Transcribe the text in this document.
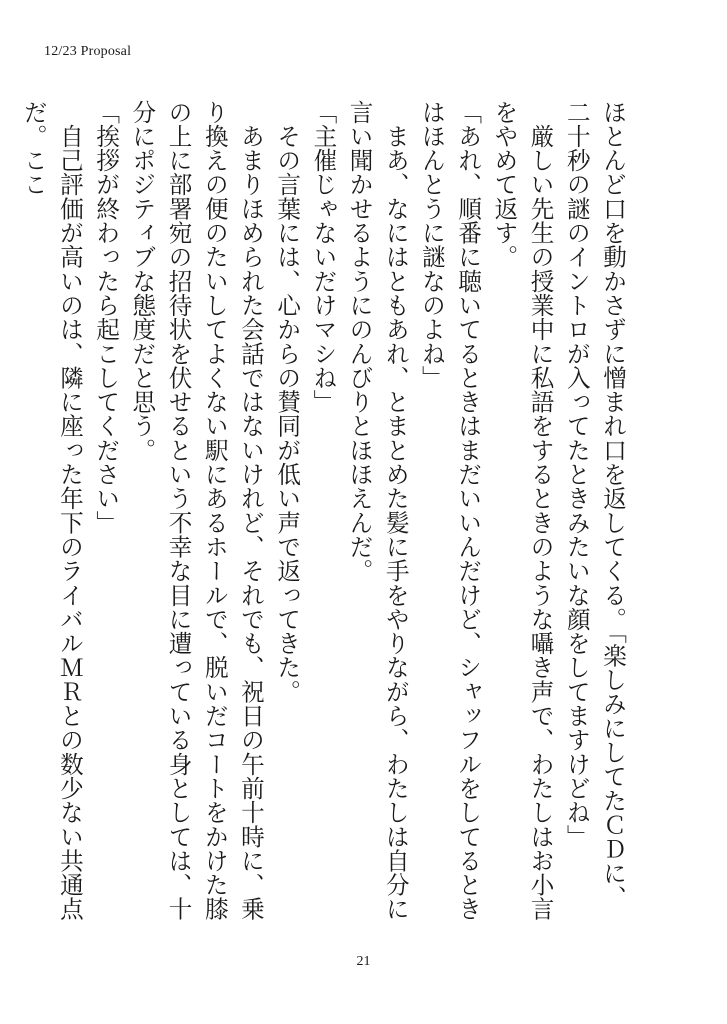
12/23 Proposal

ほとんど口を動かさずに憎まれ口を返してくる。「楽しみにしてたＣＤに、二十秒の謎のイントロが入ってたときみたいな顔をしてますけどね」

　厳しい先生の授業中に私語をするときのような囁き声で、わたしはお小言をやめて返す。

「あれ、順番に聴いてるときはまだいいんだけど、シャッフルをしてるときはほんとうに謎なのよね」

　まあ、なにはともあれ、とまとめた髪に手をやりながら、わたしは自分に言い聞かせるようにのんびりとほほえんだ。

「主催じゃないだけマシね」

　その言葉には、心からの賛同が低い声で返ってきた。

　あまりほめられた会話ではないけれど、それでも、祝日の午前十時に、乗り換えの便のたいしてよくない駅にあるホールで、脱いだコートをかけた膝の上に部署宛の招待状を伏せるという不幸な目に遭っている身としては、十分にポジティブな態度だと思う。

「挨拶が終わったら起こしてください」

　自己評価が高いのは、隣に座った年下のライバルＭＲとの数少ない共通点だ。ここ

21
